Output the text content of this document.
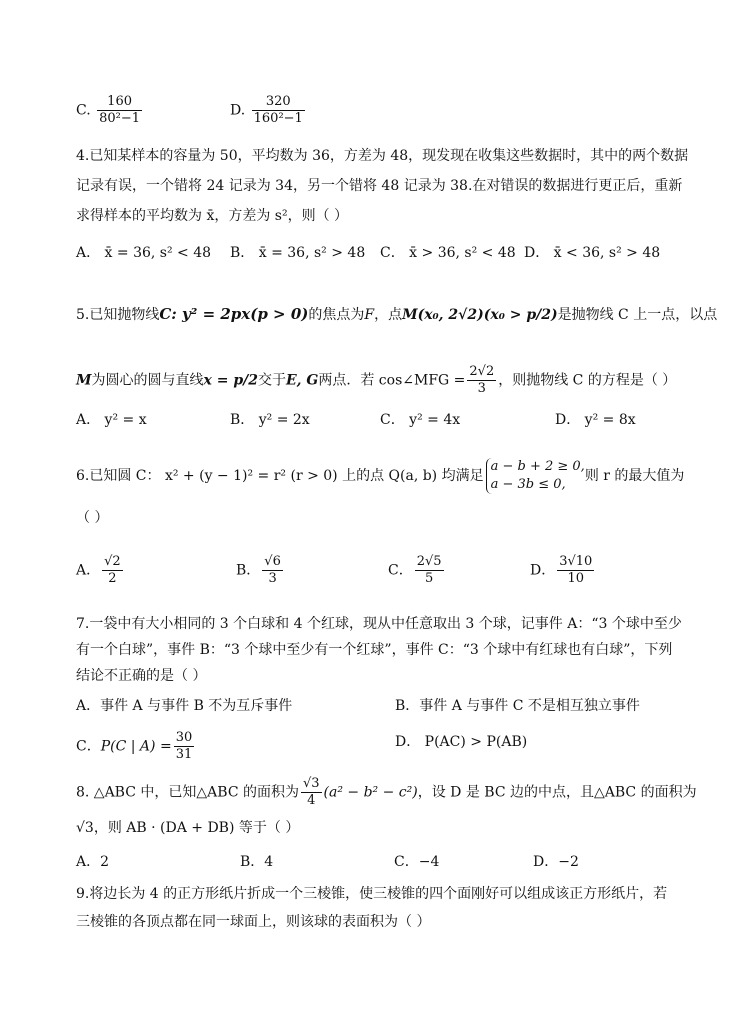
C. $\frac{160}{\text{80²−1}}$	D. $\frac{320}{\text{160²−1}}$
4.已知某样本的容量为 50，平均数为 36，方差为 48，现发现在收集这些数据时，其中的两个数据
记录有误，一个错将 24 记录为 34，另一个错将 48 记录为 38.在对错误的数据进行更正后，重新
求得样本的平均数为 x̄，方差为 s²，则（ ）
A． x̄ = 36, s² < 48 B． x̄ = 36, s² > 48 C． x̄ > 36, s² < 48 D． x̄ < 36, s² > 48
5.已知抛物线C: y² = 2px(p > 0)的焦点为F，点M(x₀, 2√2)(x₀ > p/2)是抛物线 C 上一点，以点
M为圆心的圆与直线x = p/2交于E, G两点．若 cos∠MFG = $\frac{2√2}{3}$ ，则抛物线 C 的方程是（ ）
A． y² = x	B． y² = 2x	C． y² = 4x	D． y² = 8x
6.已知圆 C： x² + (y − 1)² = r² (r > 0) 上的点 Q(a, b) 均满足
a − b + 2 ≥ 0,
a − 3b ≤ 0,
则 r 的最大值为
（ ）
A． $\frac{√2}{2}$	B． $\frac{√6}{3}$	C． $\frac{2√5}{5}$	D． $\frac{3√10}{10}$
7.一袋中有大小相同的 3 个白球和 4 个红球，现从中任意取出 3 个球，记事件 A：“3 个球中至少
有一个白球”，事件 B：“3 个球中至少有一个红球”，事件 C：“3 个球中有红球也有白球”，下列
结论不正确的是（ ）
A．事件 A 与事件 B 不为互斥事件	B．事件 A 与事件 C 不是相互独立事件
C．P(C | $A) = \frac{30}{31}$	D． P(AC) > P(AB)
8. △ABC 中，已知△ABC 的面积为 $\frac{√3}{4} (a^2 - b^2 - c^2)$，设 D 是 BC 边的中点，且△ABC 的面积为
√3，则 AB · (DA + DB) 等于（ ）
A．2	B．4	C．−4	D．−2
9.将边长为 4 的正方形纸片折成一个三棱锥，使三棱锥的四个面刚好可以组成该正方形纸片，若
三棱锥的各顶点都在同一球面上，则该球的表面积为（ ）
